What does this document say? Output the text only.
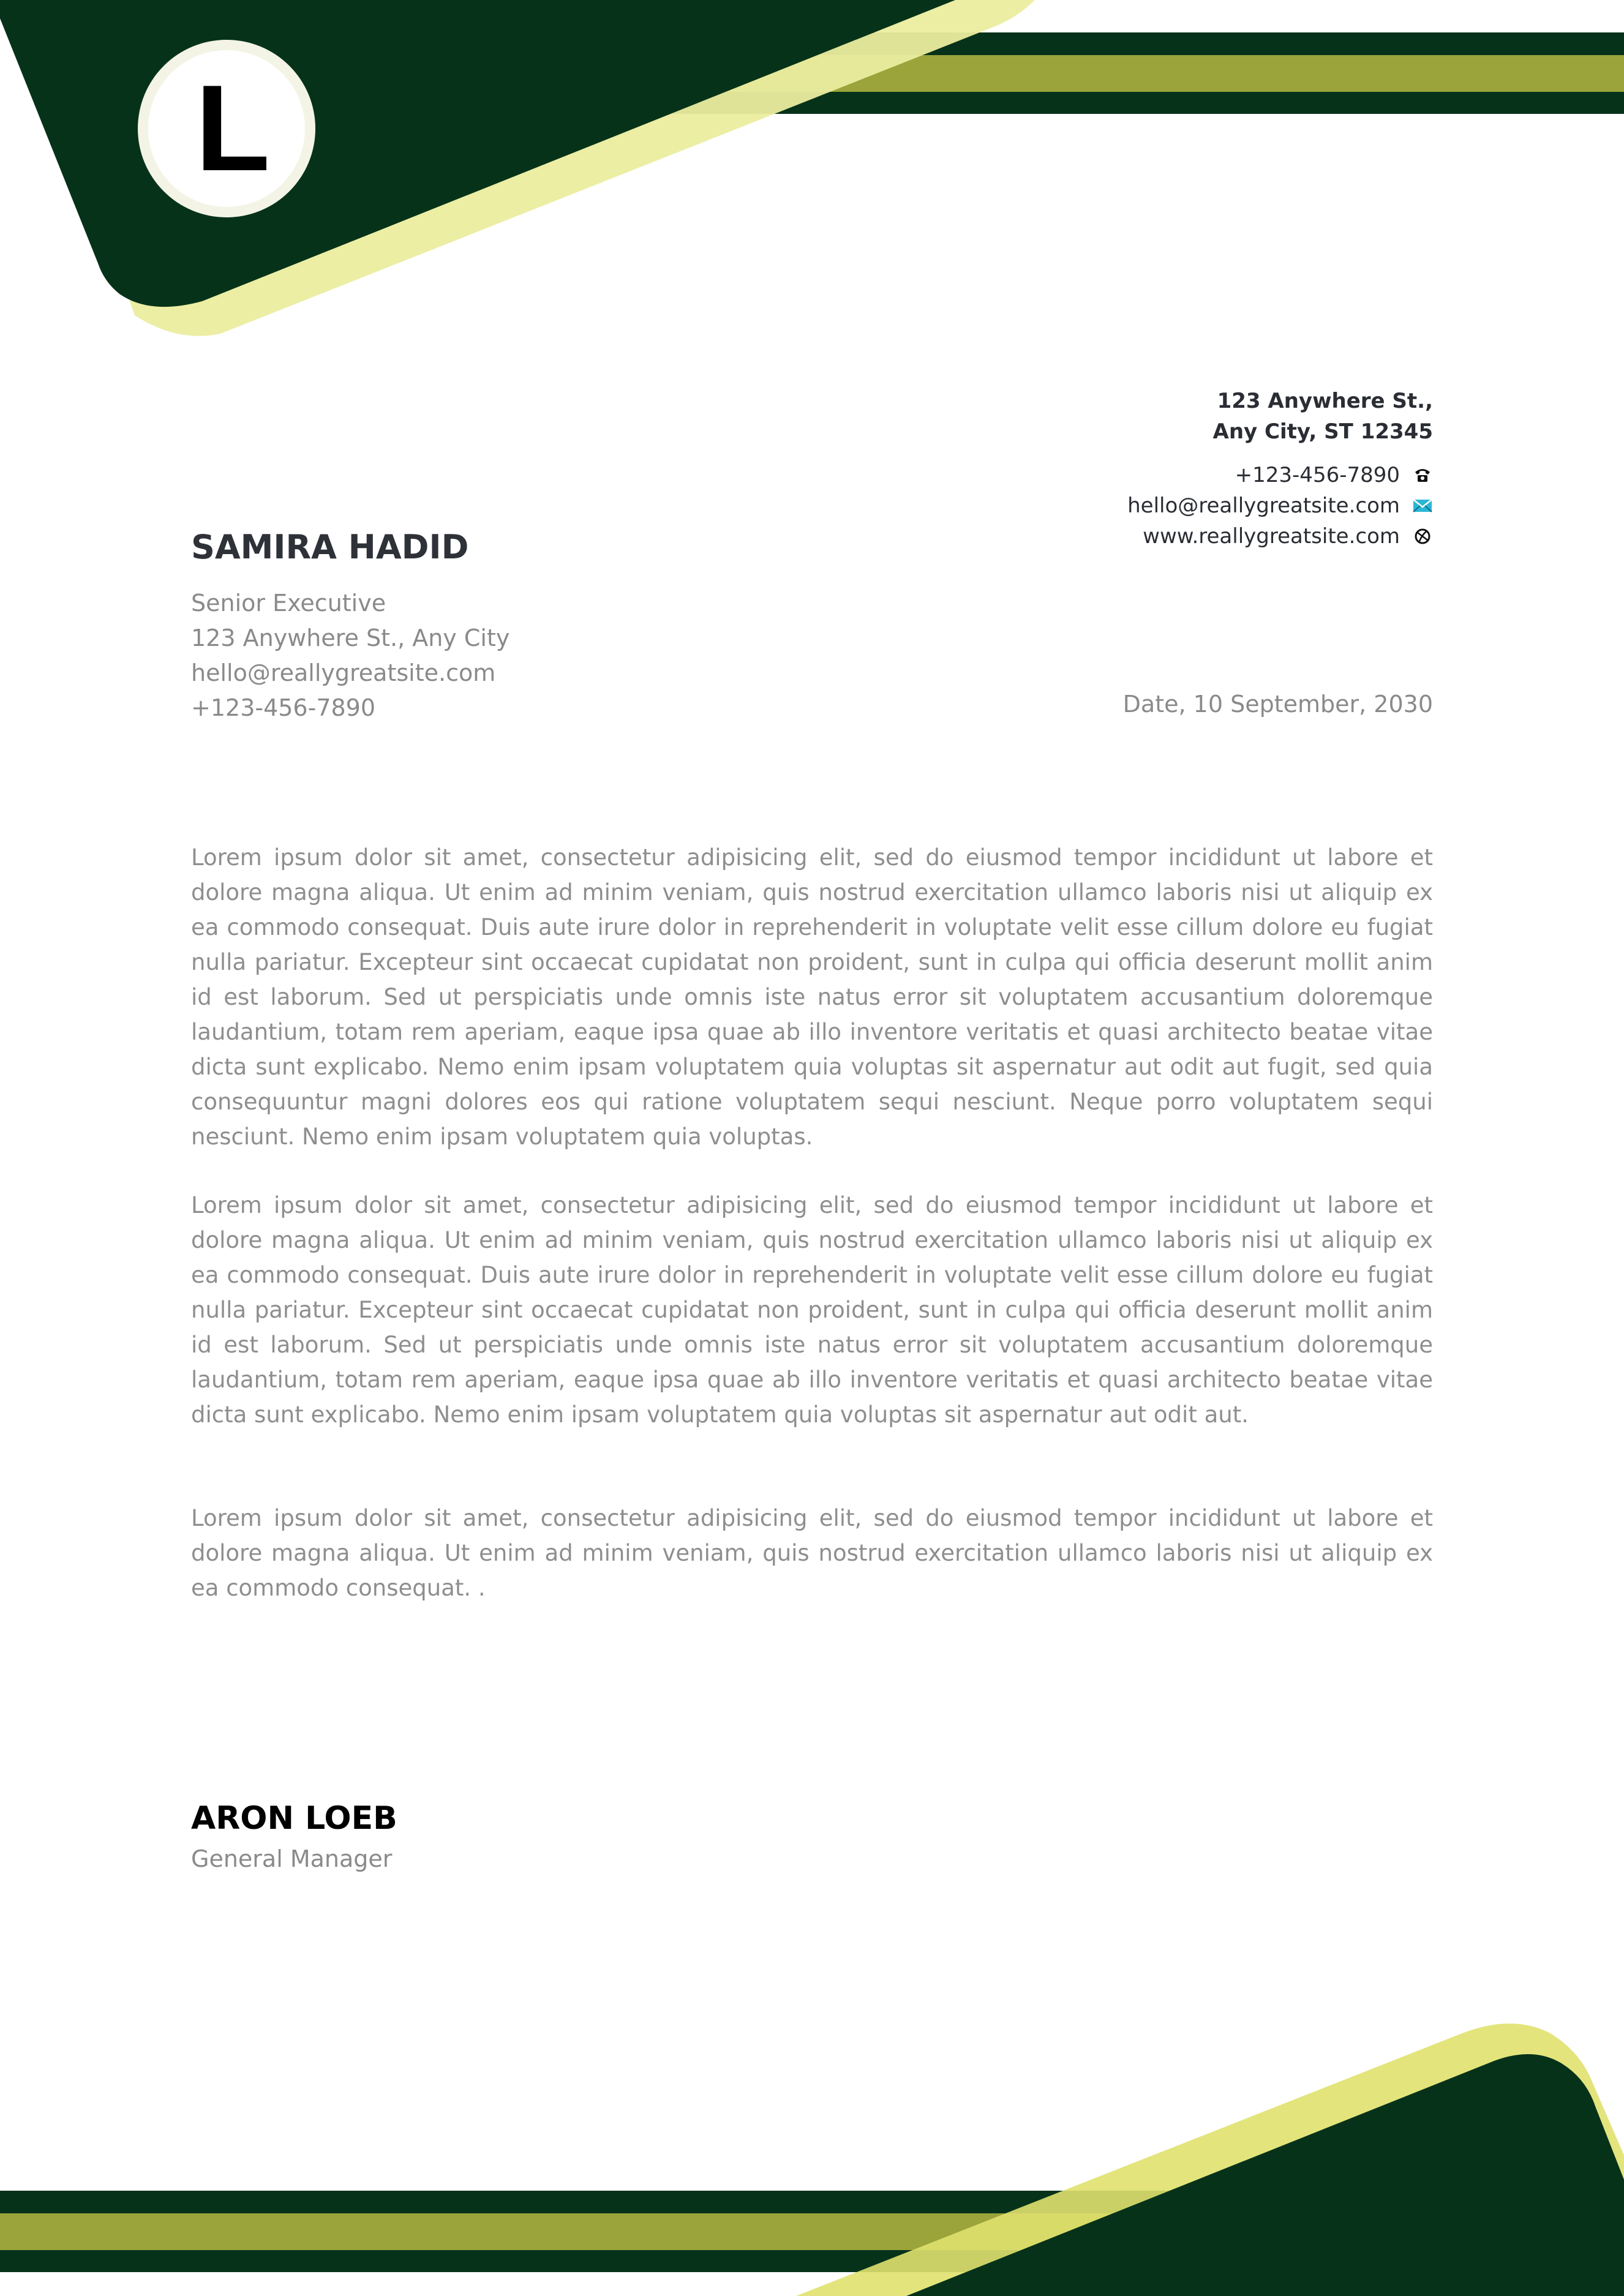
L
123 Anywhere St.,
Any City, ST 12345
+123-456-7890
hello@reallygreatsite.com
www.reallygreatsite.com
SAMIRA HADID
Senior Executive
123 Anywhere St., Any City
hello@reallygreatsite.com
+123-456-7890	Date, 10 September, 2030

Lorem ipsum dolor sit amet, consectetur adipisicing elit, sed do eiusmod tempor incididunt ut labore et dolore magna aliqua. Ut enim ad minim veniam, quis nostrud exercitation ullamco laboris nisi ut aliquip ex ea commodo consequat. Duis aute irure dolor in reprehenderit in voluptate velit esse cillum dolore eu fugiat nulla pariatur. Excepteur sint occaecat cupidatat non proident, sunt in culpa qui officia deserunt mollit anim id est laborum. Sed ut perspiciatis unde omnis iste natus error sit voluptatem accusantium doloremque laudantium, totam rem aperiam, eaque ipsa quae ab illo inventore veritatis et quasi architecto beatae vitae dicta sunt explicabo. Nemo enim ipsam voluptatem quia voluptas sit aspernatur aut odit aut fugit, sed quia consequuntur magni dolores eos qui ratione voluptatem sequi nesciunt. Neque porro voluptatem sequi nesciunt. Nemo enim ipsam voluptatem quia voluptas.

Lorem ipsum dolor sit amet, consectetur adipisicing elit, sed do eiusmod tempor incididunt ut labore et dolore magna aliqua. Ut enim ad minim veniam, quis nostrud exercitation ullamco laboris nisi ut aliquip ex ea commodo consequat. Duis aute irure dolor in reprehenderit in voluptate velit esse cillum dolore eu fugiat nulla pariatur. Excepteur sint occaecat cupidatat non proident, sunt in culpa qui officia deserunt mollit anim id est laborum. Sed ut perspiciatis unde omnis iste natus error sit voluptatem accusantium doloremque laudantium, totam rem aperiam, eaque ipsa quae ab illo inventore veritatis et quasi architecto beatae vitae dicta sunt explicabo. Nemo enim ipsam voluptatem quia voluptas sit aspernatur aut odit aut.

Lorem ipsum dolor sit amet, consectetur adipisicing elit, sed do eiusmod tempor incididunt ut labore et dolore magna aliqua. Ut enim ad minim veniam, quis nostrud exercitation ullamco laboris nisi ut aliquip ex ea commodo consequat. .

ARON LOEB
General Manager
